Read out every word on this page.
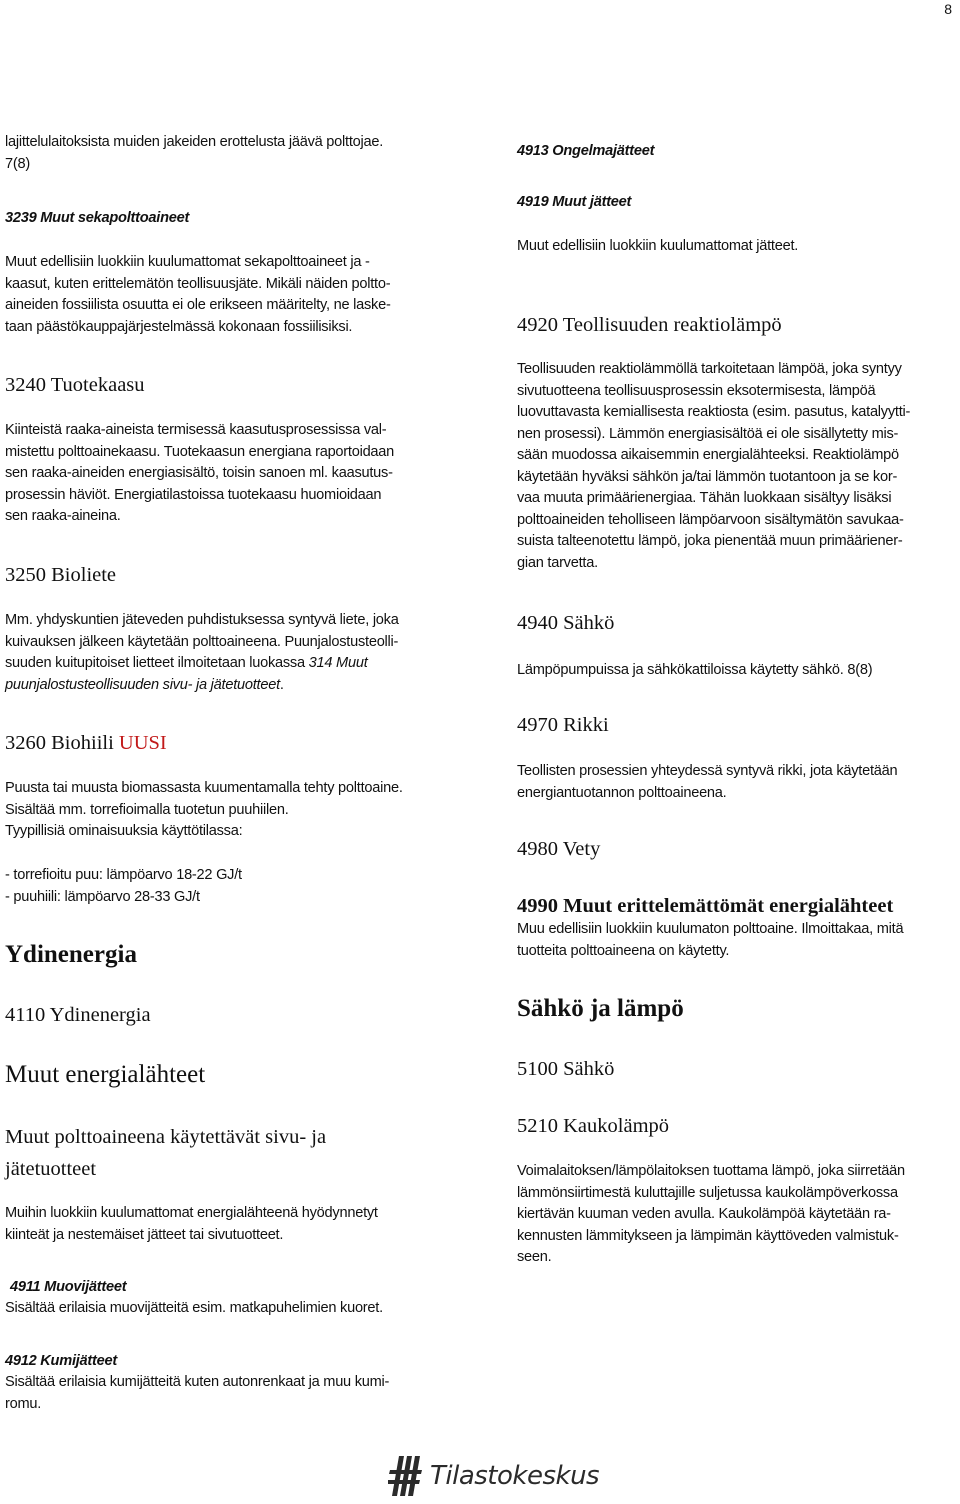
8
lajittelulaitoksista muiden jakeiden erottelusta jäävä polttojae.
7(8)
3239 Muut sekapolttoaineet
Muut edellisiin luokkiin kuulumattomat sekapolttoaineet ja -
kaasut, kuten erittelemätön teollisuusjäte. Mikäli näiden poltto-
aineiden fossiilista osuutta ei ole erikseen määritelty, ne laske-
taan päästökauppajärjestelmässä kokonaan fossiilisiksi.
3240 Tuotekaasu
Kiinteistä raaka-aineista termisessä kaasutusprosessissa val-
mistettu polttoainekaasu. Tuotekaasun energiana raportoidaan
sen raaka-aineiden energiasisältö, toisin sanoen ml. kaasutus-
prosessin häviöt. Energiatilastoissa tuotekaasu huomioidaan
sen raaka-aineina.
3250 Bioliete
Mm. yhdyskuntien jäteveden puhdistuksessa syntyvä liete, joka
kuivauksen jälkeen käytetään polttoaineena. Puunjalostusteolli-
suuden kuitupitoiset lietteet ilmoitetaan luokassa 314 Muut
puunjalostusteollisuuden sivu- ja jätetuotteet.
3260 Biohiili UUSI
Puusta tai muusta biomassasta kuumentamalla tehty polttoaine.
Sisältää mm. torrefioimalla tuotetun puuhiilen.
Tyypillisiä ominaisuuksia käyttötilassa:
- torrefioitu puu: lämpöarvo 18-22 GJ/t
- puuhiili: lämpöarvo 28-33 GJ/t
Ydinenergia
4110 Ydinenergia
Muut energialähteet
Muut polttoaineena käytettävät sivu- ja
jätetuotteet
Muihin luokkiin kuulumattomat energialähteenä hyödynnetyt
kiinteät ja nestemäiset jätteet tai sivutuotteet.
4911 Muovijätteet
Sisältää erilaisia muovijätteitä esim. matkapuhelimien kuoret.
4912 Kumijätteet
Sisältää erilaisia kumijätteitä kuten autonrenkaat ja muu kumi-
romu.
4913 Ongelmajätteet
4919 Muut jätteet
Muut edellisiin luokkiin kuulumattomat jätteet.
4920 Teollisuuden reaktiolämpö
Teollisuuden reaktiolämmöllä tarkoitetaan lämpöä, joka syntyy
sivutuotteena teollisuusprosessin eksotermisesta, lämpöä
luovuttavasta kemiallisesta reaktiosta (esim. pasutus, katalyytti-
nen prosessi). Lämmön energiasisältöä ei ole sisällytetty mis-
sään muodossa aikaisemmin energialähteeksi. Reaktiolämpö
käytetään hyväksi sähkön ja/tai lämmön tuotantoon ja se kor-
vaa muuta primäärienergiaa. Tähän luokkaan sisältyy lisäksi
polttoaineiden teholliseen lämpöarvoon sisältymätön savukaa-
suista talteenotettu lämpö, joka pienentää muun primääriener-
gian tarvetta.
4940 Sähkö
Lämpöpumpuissa ja sähkökattiloissa käytetty sähkö. 8(8)
4970 Rikki
Teollisten prosessien yhteydessä syntyvä rikki, jota käytetään
energiantuotannon polttoaineena.
4980 Vety
4990 Muut erittelemättömät energialähteet
Muu edellisiin luokkiin kuulumaton polttoaine. Ilmoittakaa, mitä
tuotteita polttoaineena on käytetty.
Sähkö ja lämpö
5100 Sähkö
5210 Kaukolämpö
Voimalaitoksen/lämpölaitoksen tuottama lämpö, joka siirretään
lämmönsiirtimestä kuluttajille suljetussa kaukolämpöverkossa
kiertävän kuuman veden avulla. Kaukolämpöä käytetään ra-
kennusten lämmitykseen ja lämpimän käyttöveden valmistuk-
seen.
Tilastokeskus
